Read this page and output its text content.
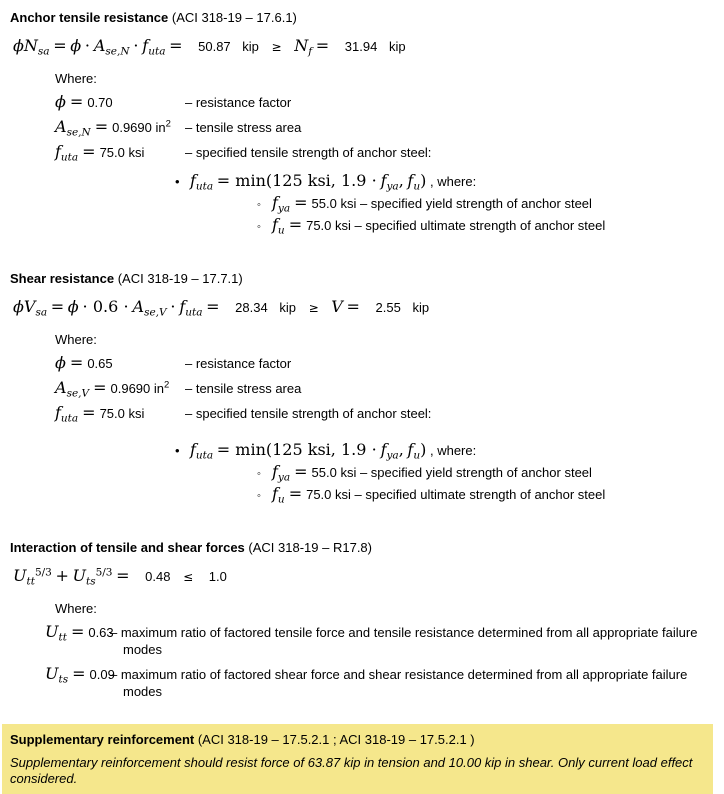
Anchor tensile resistance (ACI 318-19 – 17.6.1)
$\phi N_{sa} = \phi \cdot A_{se,N} \cdot f_{uta} = 50.87$ kip ≥ $N_f = 31.94$ kip
Where:
ϕ = 0.70	– resistance factor
$A_{se,N} = 0.9690$ $in^2$	– tensile stress area
$f_{uta} = 75.0$ ksi	– specified tensile strength of anchor steel:
• $f_{uta} = \min(125$ ksi, $1.9 \cdot f_{ya}$, $f_u$) , where:
◦ $f_{ya} = 55.0$ ksi – specified yield strength of anchor steel
◦ $f_u = 75.0$ ksi – specified ultimate strength of anchor steel
Shear resistance (ACI 318-19 – 17.7.1)
$\phi V_{sa} = \phi \cdot 0.6 \cdot A_{se,V} \cdot f_{uta} = 28.34$ kip ≥ V = 2.55 kip
Where:
ϕ = 0.65	– resistance factor
$A_{se,V} = 0.9690$ $in^2$	– tensile stress area
$f_{uta} = 75.0$ ksi	– specified tensile strength of anchor steel:
• $f_{uta} = \min(125$ ksi, $1.9 \cdot f_{ya}$, $f_u$) , where:
◦ $f_{ya} = 55.0$ ksi – specified yield strength of anchor steel
◦ $f_u = 75.0$ ksi – specified ultimate strength of anchor steel
Interaction of tensile and shear forces (ACI 318-19 – R17.8)
$U_{tt}^{5/3} + U_{ts}^{5/3} = 0.48 \le 1.0$
Where:
$U_{tt} = 0.63$
– maximum ratio of factored tensile force and tensile resistance determined from all appropriate failure modes
$U_{ts} = 0.09$
– maximum ratio of factored shear force and shear resistance determined from all appropriate failure modes
Supplementary reinforcement (ACI 318-19 – 17.5.2.1 ; ACI 318-19 – 17.5.2.1 )
Supplementary reinforcement should resist force of 63.87 kip in tension and 10.00 kip in shear. Only current load effect considered.
